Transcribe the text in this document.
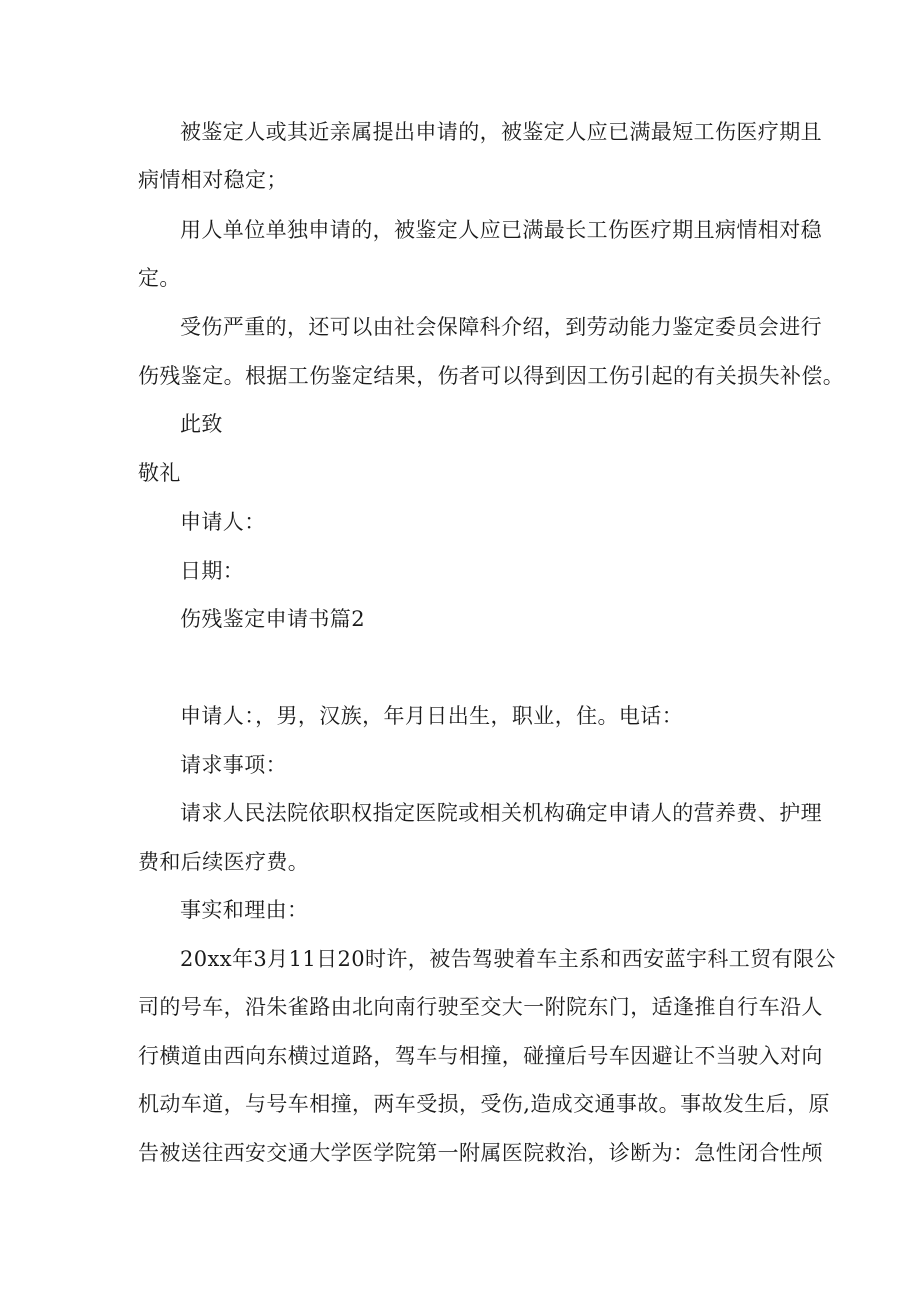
被鉴定人或其近亲属提出申请的，被鉴定人应已满最短工伤医疗期且
病情相对稳定；
用人单位单独申请的，被鉴定人应已满最长工伤医疗期且病情相对稳
定。
受伤严重的，还可以由社会保障科介绍，到劳动能力鉴定委员会进行
伤残鉴定。根据工伤鉴定结果，伤者可以得到因工伤引起的有关损失补偿。
此致
敬礼
申请人：
日期：
伤残鉴定申请书篇2
申请人：，男，汉族，年月日出生，职业，住。电话：
请求事项：
请求人民法院依职权指定医院或相关机构确定申请人的营养费、护理
费和后续医疗费。
事实和理由：
20xx年3月11日20时许，被告驾驶着车主系和西安蓝宇科工贸有限公
司的号车，沿朱雀路由北向南行驶至交大一附院东门，适逢推自行车沿人
行横道由西向东横过道路，驾车与相撞，碰撞后号车因避让不当驶入对向
机动车道，与号车相撞，两车受损，受伤,造成交通事故。事故发生后，原
告被送往西安交通大学医学院第一附属医院救治，诊断为：急性闭合性颅
